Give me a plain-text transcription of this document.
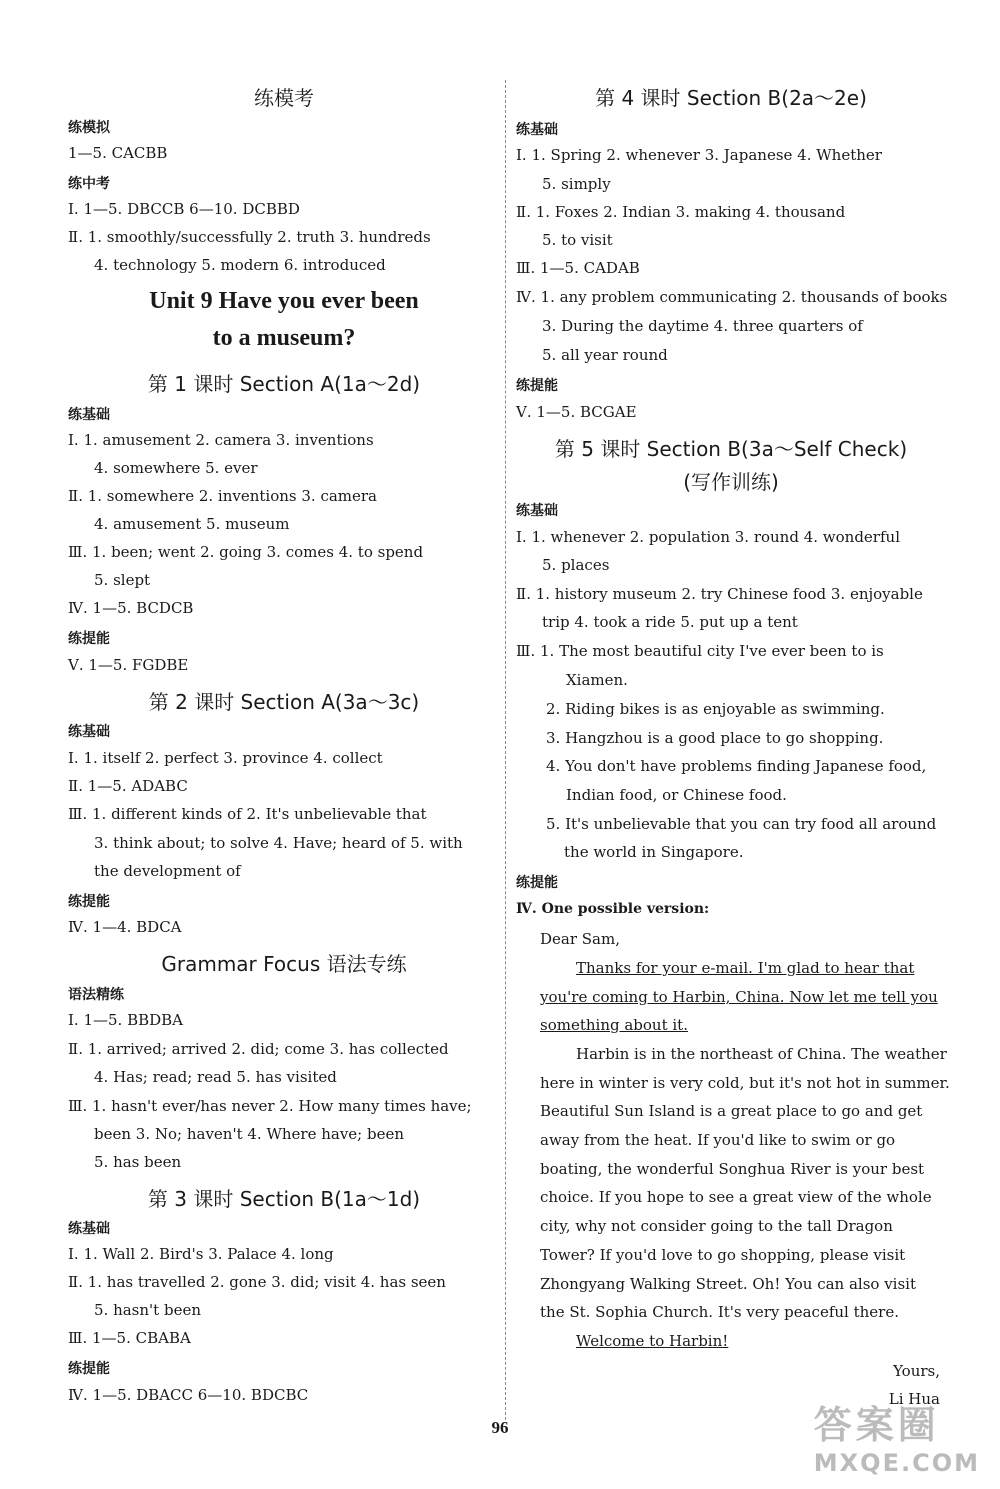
练模考
练模拟
1—5. CACBB
练中考
Ⅰ. 1—5. DBCCB 6—10. DCBBD
Ⅱ. 1. smoothly/successfully 2. truth 3. hundreds
4. technology 5. modern 6. introduced
Unit 9 Have you ever been
to a museum?
第 1 课时 Section A(1a～2d)
练基础
Ⅰ. 1. amusement 2. camera 3. inventions
4. somewhere 5. ever
Ⅱ. 1. somewhere 2. inventions 3. camera
4. amusement 5. museum
Ⅲ. 1. been; went 2. going 3. comes 4. to spend
5. slept
Ⅳ. 1—5. BCDCB
练提能
Ⅴ. 1—5. FGDBE
第 2 课时 Section A(3a～3c)
练基础
Ⅰ. 1. itself 2. perfect 3. province 4. collect
Ⅱ. 1—5. ADABC
Ⅲ. 1. different kinds of 2. It's unbelievable that
3. think about; to solve 4. Have; heard of 5. with
the development of
练提能
Ⅳ. 1—4. BDCA
Grammar Focus 语法专练
语法精练
Ⅰ. 1—5. BBDBA
Ⅱ. 1. arrived; arrived 2. did; come 3. has collected
4. Has; read; read 5. has visited
Ⅲ. 1. hasn't ever/has never 2. How many times have;
been 3. No; haven't 4. Where have; been
5. has been
第 3 课时 Section B(1a～1d)
练基础
Ⅰ. 1. Wall 2. Bird's 3. Palace 4. long
Ⅱ. 1. has travelled 2. gone 3. did; visit 4. has seen
5. hasn't been
Ⅲ. 1—5. CBABA
练提能
Ⅳ. 1—5. DBACC 6—10. BDCBC
第 4 课时 Section B(2a～2e)
练基础
Ⅰ. 1. Spring 2. whenever 3. Japanese 4. Whether
5. simply
Ⅱ. 1. Foxes 2. Indian 3. making 4. thousand
5. to visit
Ⅲ. 1—5. CADAB
Ⅳ. 1. any problem communicating 2. thousands of books
3. During the daytime 4. three quarters of
5. all year round
练提能
Ⅴ. 1—5. BCGAE
第 5 课时 Section B(3a～Self Check)
(写作训练)
练基础
Ⅰ. 1. whenever 2. population 3. round 4. wonderful
5. places
Ⅱ. 1. history museum 2. try Chinese food 3. enjoyable
trip 4. took a ride 5. put up a tent
Ⅲ. 1. The most beautiful city I've ever been to is
Xiamen.
2. Riding bikes is as enjoyable as swimming.
3. Hangzhou is a good place to go shopping.
4. You don't have problems finding Japanese food,
Indian food, or Chinese food.
5. It's unbelievable that you can try food all around
the world in Singapore.
练提能
Ⅳ. One possible version:
Dear Sam,
Thanks for your e-mail. I'm glad to hear that
you're coming to Harbin, China. Now let me tell you
something about it.
Harbin is in the northeast of China. The weather
here in winter is very cold, but it's not hot in summer.
Beautiful Sun Island is a great place to go and get
away from the heat. If you'd like to swim or go
boating, the wonderful Songhua River is your best
choice. If you hope to see a great view of the whole
city, why not consider going to the tall Dragon
Tower? If you'd love to go shopping, please visit
Zhongyang Walking Street. Oh! You can also visit
the St. Sophia Church. It's very peaceful there.
Welcome to Harbin!
Yours,
Li Hua
96	答案圈
MXQE.COM
